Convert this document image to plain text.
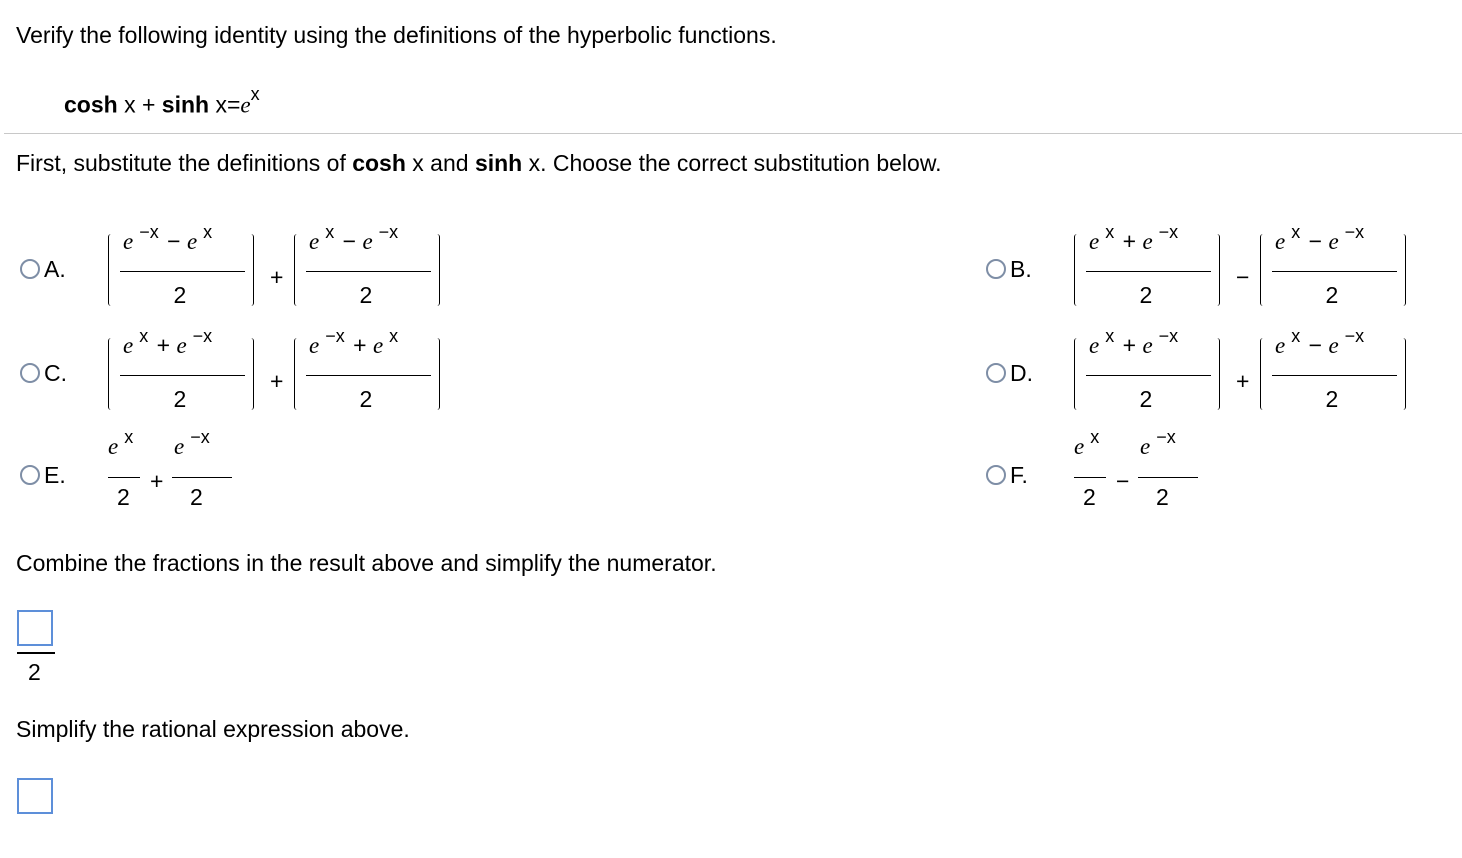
Verify the following identity using the definitions of the hyperbolic functions.
$\cosh x + \sinh x=e^x$
First, substitute the definitions of cosh x and sinh x. Choose the correct substitution below.
A.
e $^{-x}$ − e $^x$
2
+
e $^x$ − e $^{-x}$
2
B.
e $^x$ + e $^{-x}$
2
−
e $^x$ − e $^{-x}$
2
C.
e $^x$ + e $^{-x}$
2
+
e $^{-x}$ + e $^x$
2
D.
e $^x$ + e $^{-x}$
2
+
e $^x$ − e $^{-x}$
2
E.
e $^x$
2
+
e $^{-x}$
2
F.
e $^x$
2
−
e $^{-x}$
2
Combine the fractions in the result above and simplify the numerator.
2
Simplify the rational expression above.
